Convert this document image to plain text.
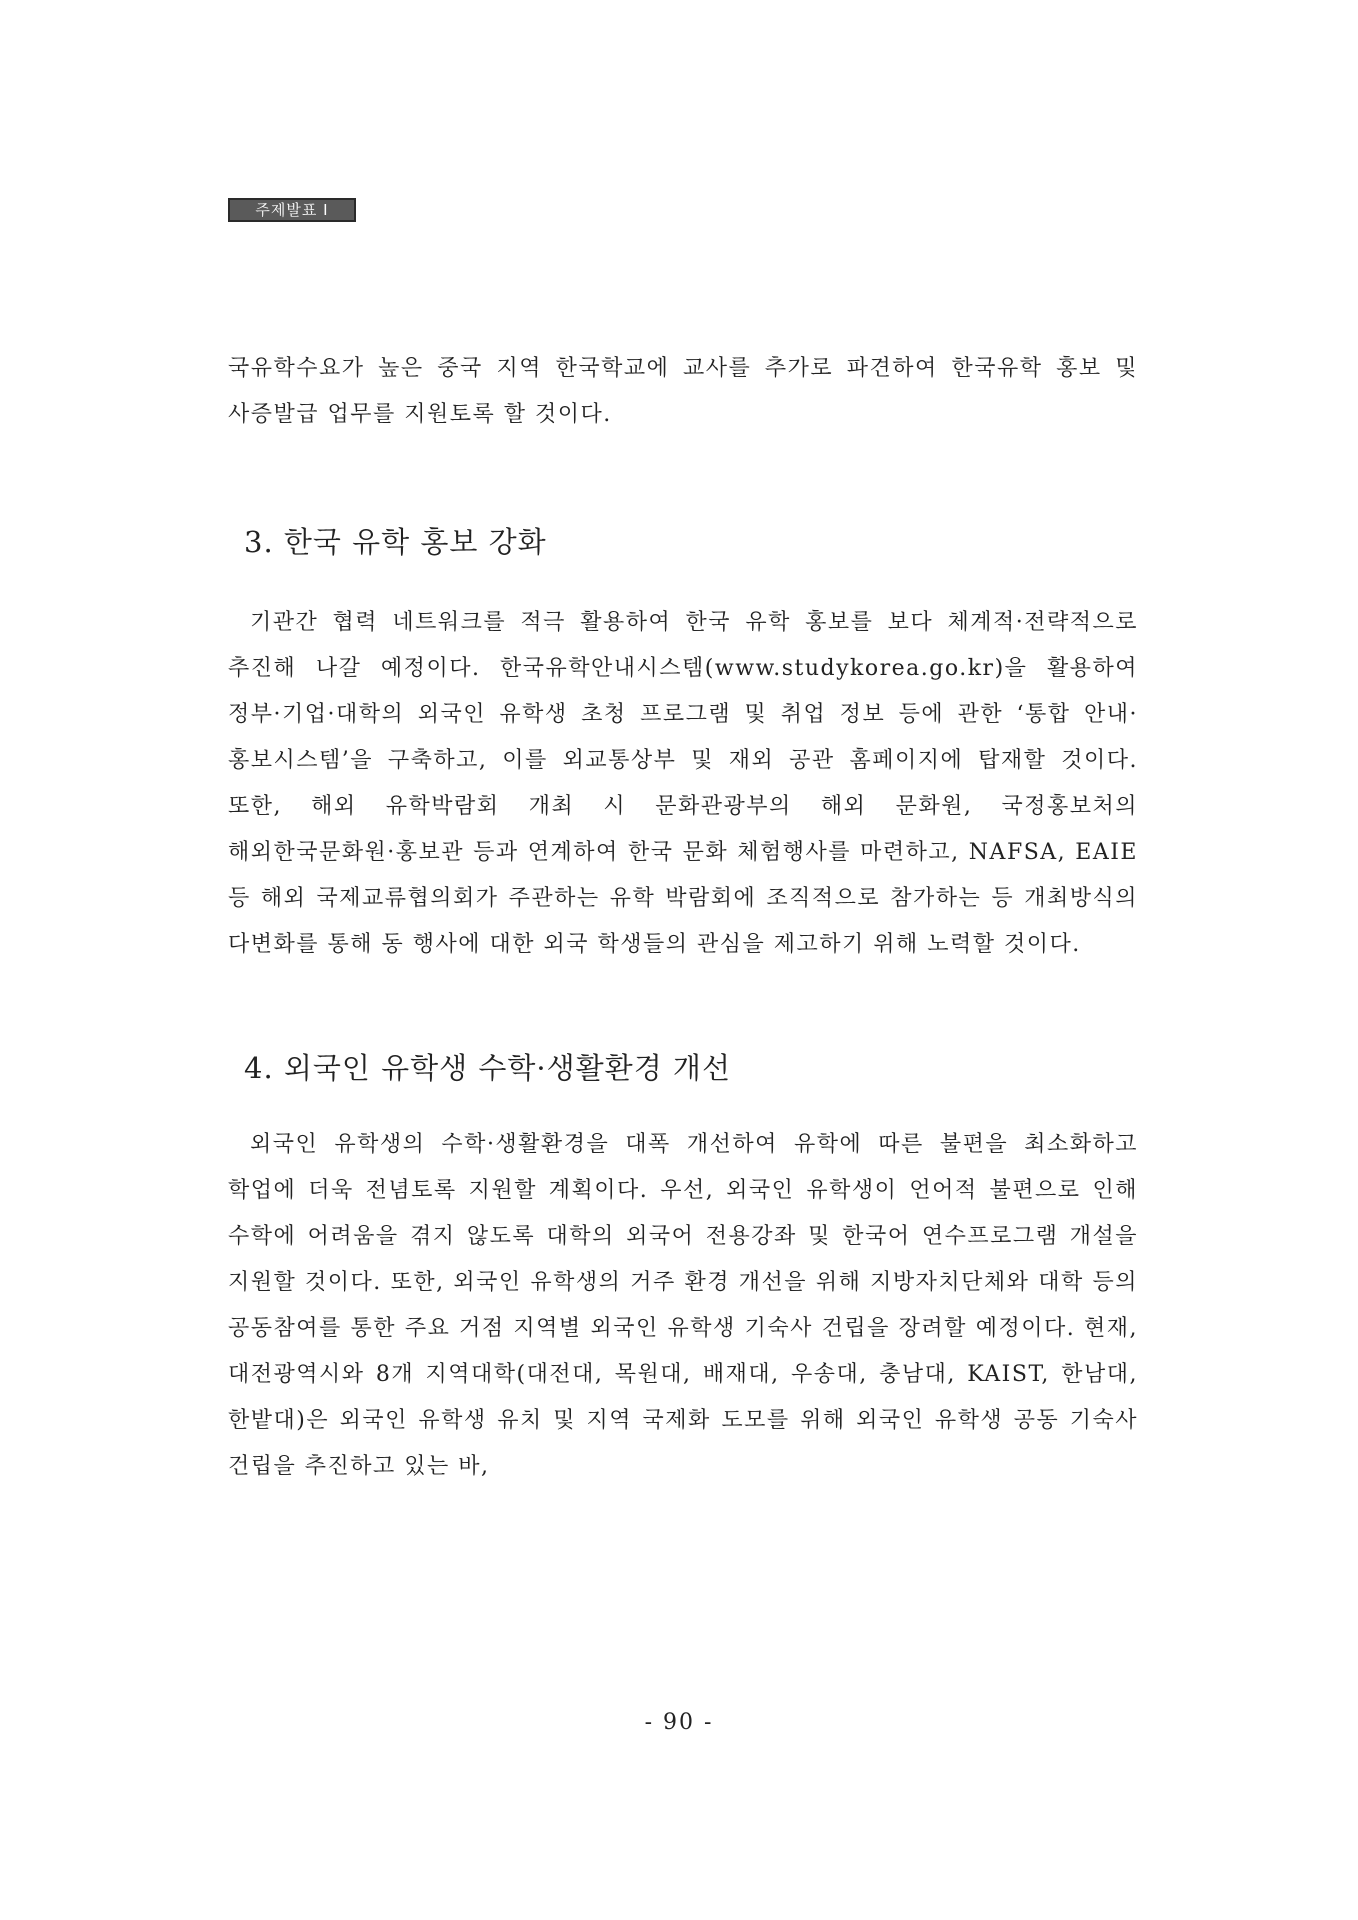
주제발표 I

국유학수요가 높은 중국 지역 한국학교에 교사를 추가로 파견하여 한국유학 홍보 및 사증발급 업무를 지원토록 할 것이다.

3. 한국 유학 홍보 강화

기관간 협력 네트워크를 적극 활용하여 한국 유학 홍보를 보다 체계적·전략적으로 추진해 나갈 예정이다. 한국유학안내시스템(www.studykorea.go.kr)을 활용하여 정부·기업·대학의 외국인 유학생 초청 프로그램 및 취업 정보 등에 관한 ‘통합 안내·홍보시스템’을 구축하고, 이를 외교통상부 및 재외 공관 홈페이지에 탑재할 것이다. 또한, 해외 유학박람회 개최 시 문화관광부의 해외 문화원, 국정홍보처의 해외한국문화원·홍보관 등과 연계하여 한국 문화 체험행사를 마련하고, NAFSA, EAIE 등 해외 국제교류협의회가 주관하는 유학 박람회에 조직적으로 참가하는 등 개최방식의 다변화를 통해 동 행사에 대한 외국 학생들의 관심을 제고하기 위해 노력할 것이다.

4. 외국인 유학생 수학·생활환경 개선

외국인 유학생의 수학·생활환경을 대폭 개선하여 유학에 따른 불편을 최소화하고 학업에 더욱 전념토록 지원할 계획이다. 우선, 외국인 유학생이 언어적 불편으로 인해 수학에 어려움을 겪지 않도록 대학의 외국어 전용강좌 및 한국어 연수프로그램 개설을 지원할 것이다. 또한, 외국인 유학생의 거주 환경 개선을 위해 지방자치단체와 대학 등의 공동참여를 통한 주요 거점 지역별 외국인 유학생 기숙사 건립을 장려할 예정이다. 현재, 대전광역시와 8개 지역대학(대전대, 목원대, 배재대, 우송대, 충남대, KAIST, 한남대, 한밭대)은 외국인 유학생 유치 및 지역 국제화 도모를 위해 외국인 유학생 공동 기숙사 건립을 추진하고 있는 바,

- 90 -
